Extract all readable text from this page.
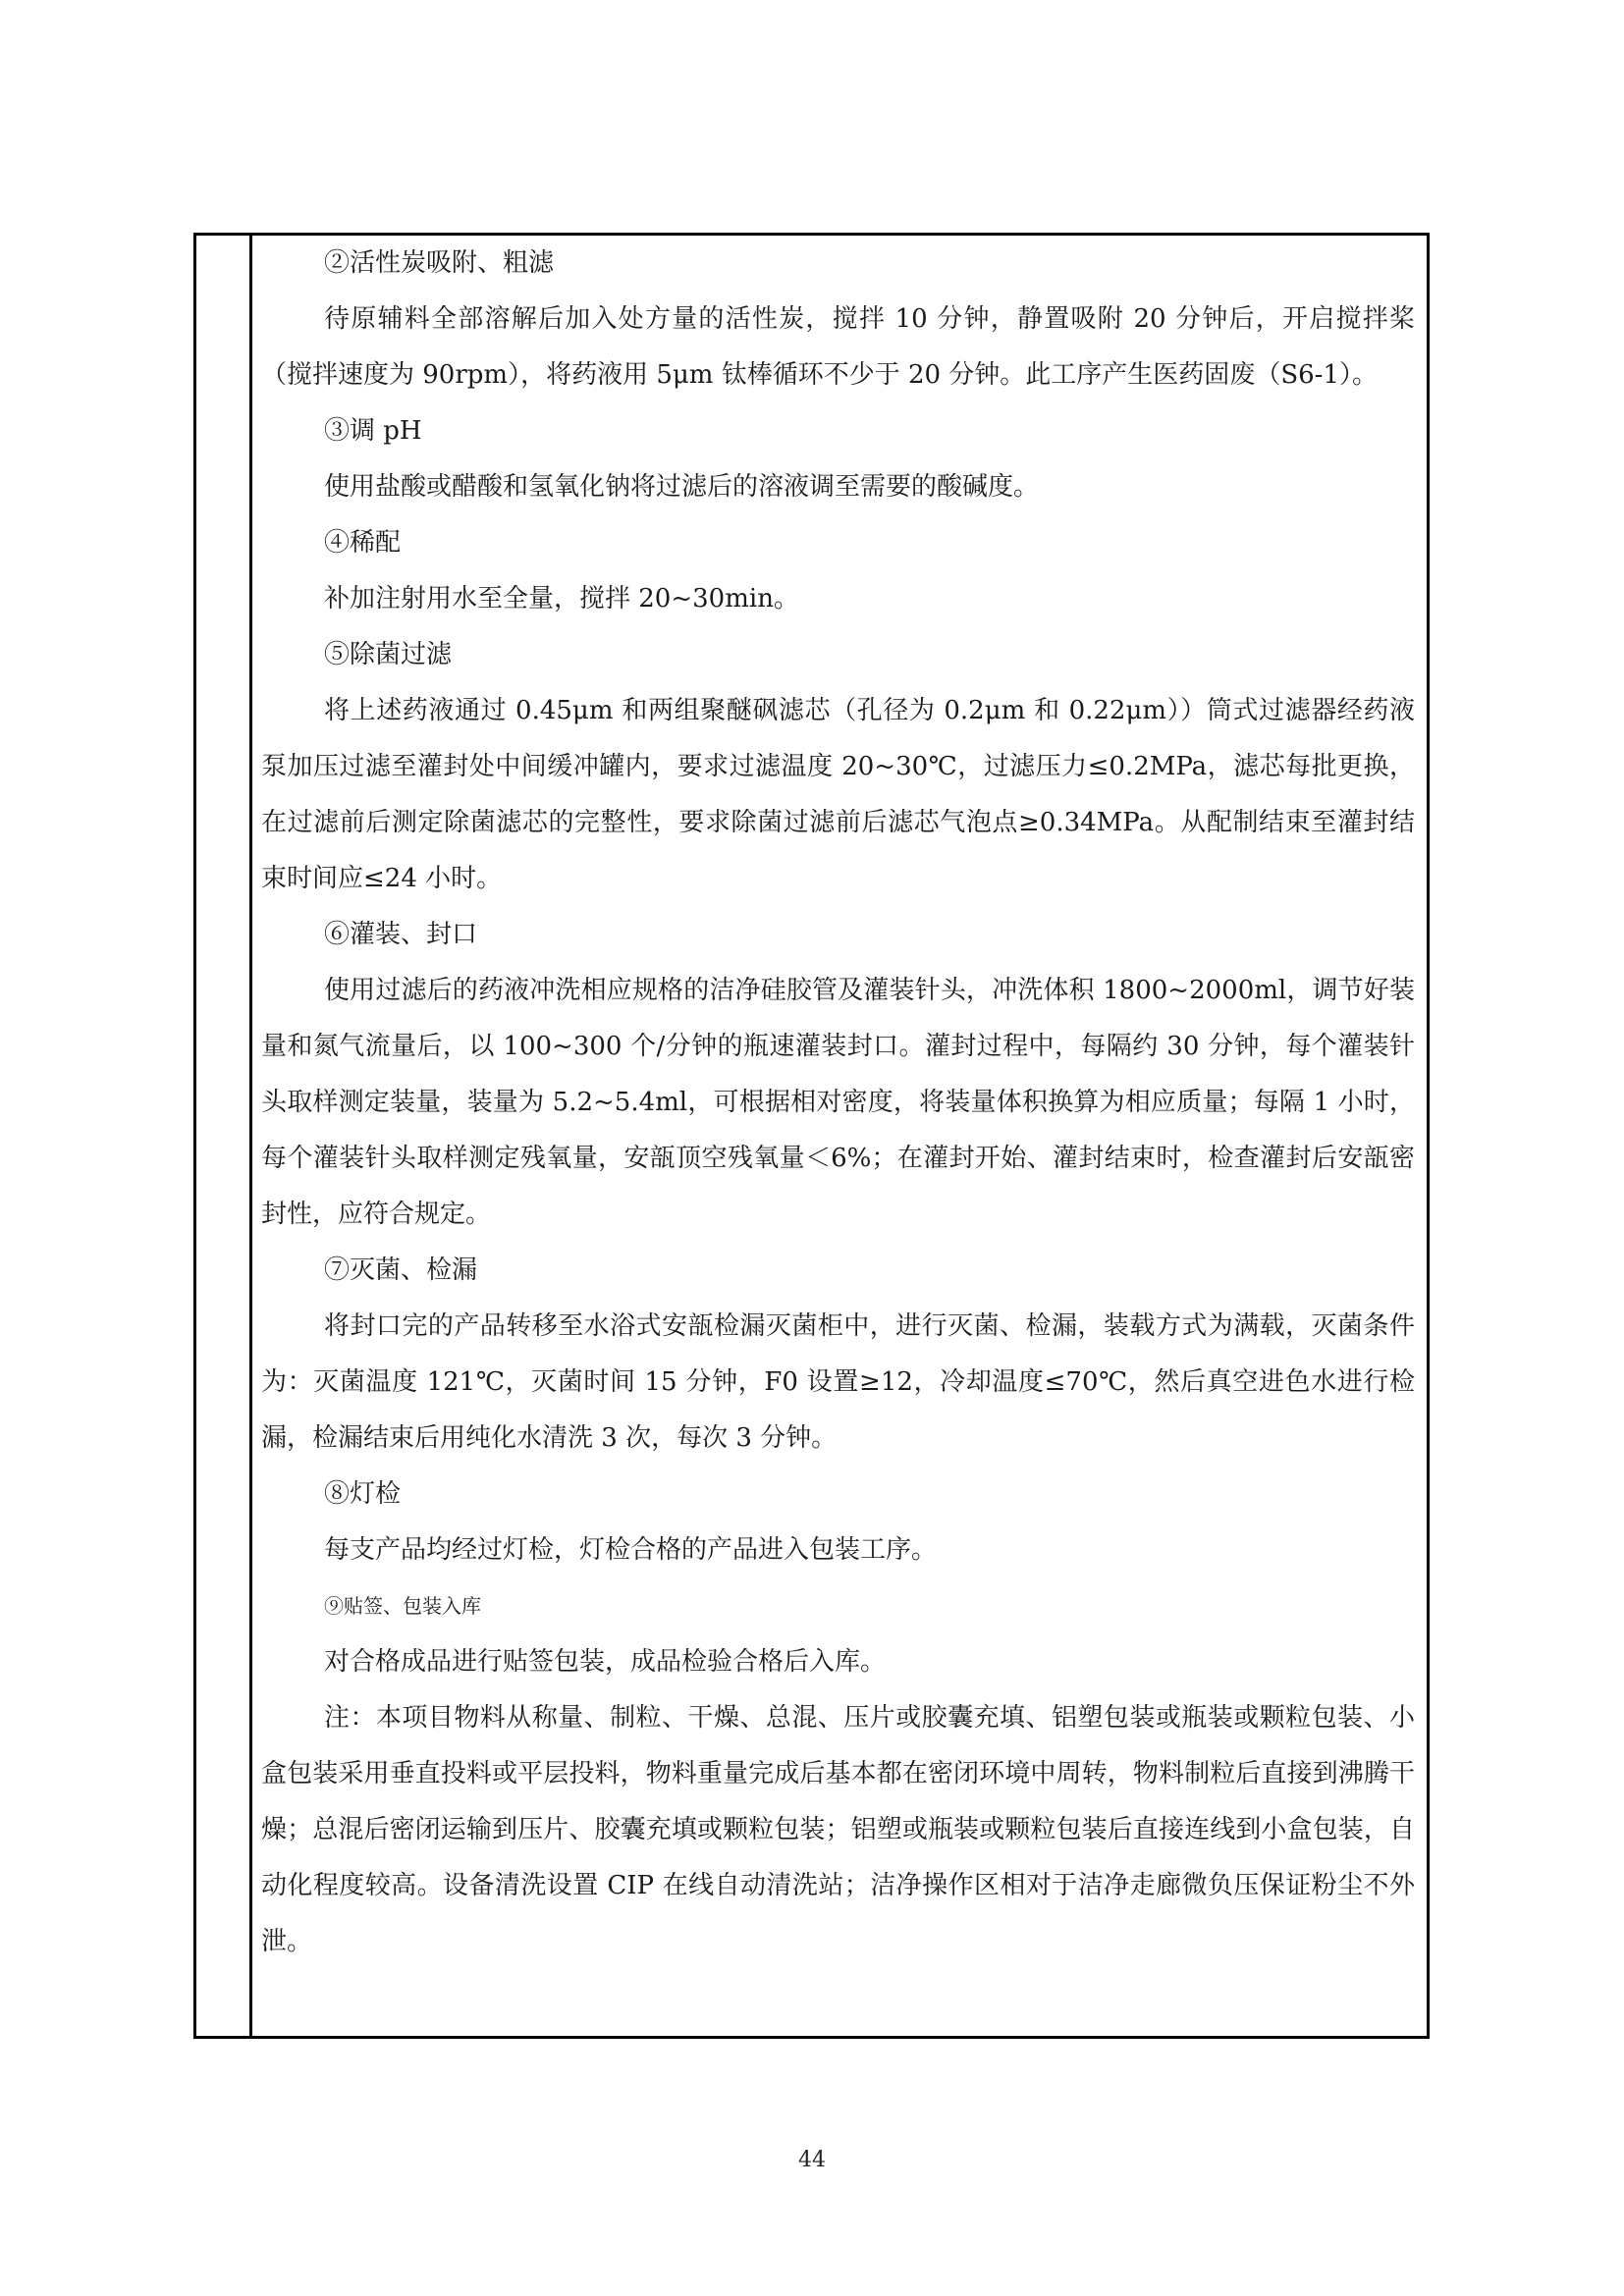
②活性炭吸附、粗滤

待原辅料全部溶解后加入处方量的活性炭，搅拌 10 分钟，静置吸附 20 分钟后，开启搅拌桨（搅拌速度为 90rpm），将药液用 5μm 钛棒循环不少于 20 分钟。此工序产生医药固废（S6-1）。

③调 pH

使用盐酸或醋酸和氢氧化钠将过滤后的溶液调至需要的酸碱度。

④稀配

补加注射用水至全量，搅拌 20~30min。

⑤除菌过滤

将上述药液通过 0.45μm 和两组聚醚砜滤芯（孔径为 0.2μm 和 0.22μm））筒式过滤器经药液泵加压过滤至灌封处中间缓冲罐内，要求过滤温度 20~30℃，过滤压力≤0.2MPa，滤芯每批更换，在过滤前后测定除菌滤芯的完整性，要求除菌过滤前后滤芯气泡点≥0.34MPa。从配制结束至灌封结束时间应≤24 小时。

⑥灌装、封口

使用过滤后的药液冲洗相应规格的洁净硅胶管及灌装针头，冲洗体积 1800~2000ml，调节好装量和氮气流量后，以 100~300 个/分钟的瓶速灌装封口。灌封过程中，每隔约 30 分钟，每个灌装针头取样测定装量，装量为 5.2~5.4ml，可根据相对密度，将装量体积换算为相应质量；每隔 1 小时，每个灌装针头取样测定残氧量，安瓿顶空残氧量＜6%；在灌封开始、灌封结束时，检查灌封后安瓿密封性，应符合规定。

⑦灭菌、检漏

将封口完的产品转移至水浴式安瓿检漏灭菌柜中，进行灭菌、检漏，装载方式为满载，灭菌条件为：灭菌温度 121℃，灭菌时间 15 分钟，F0 设置≥12，冷却温度≤70℃，然后真空进色水进行检漏，检漏结束后用纯化水清洗 3 次，每次 3 分钟。

⑧灯检

每支产品均经过灯检，灯检合格的产品进入包装工序。

⑨贴签、包装入库

对合格成品进行贴签包装，成品检验合格后入库。

注：本项目物料从称量、制粒、干燥、总混、压片或胶囊充填、铝塑包装或瓶装或颗粒包装、小盒包装采用垂直投料或平层投料，物料重量完成后基本都在密闭环境中周转，物料制粒后直接到沸腾干燥；总混后密闭运输到压片、胶囊充填或颗粒包装；铝塑或瓶装或颗粒包装后直接连线到小盒包装，自动化程度较高。设备清洗设置 CIP 在线自动清洗站；洁净操作区相对于洁净走廊微负压保证粉尘不外泄。

44
